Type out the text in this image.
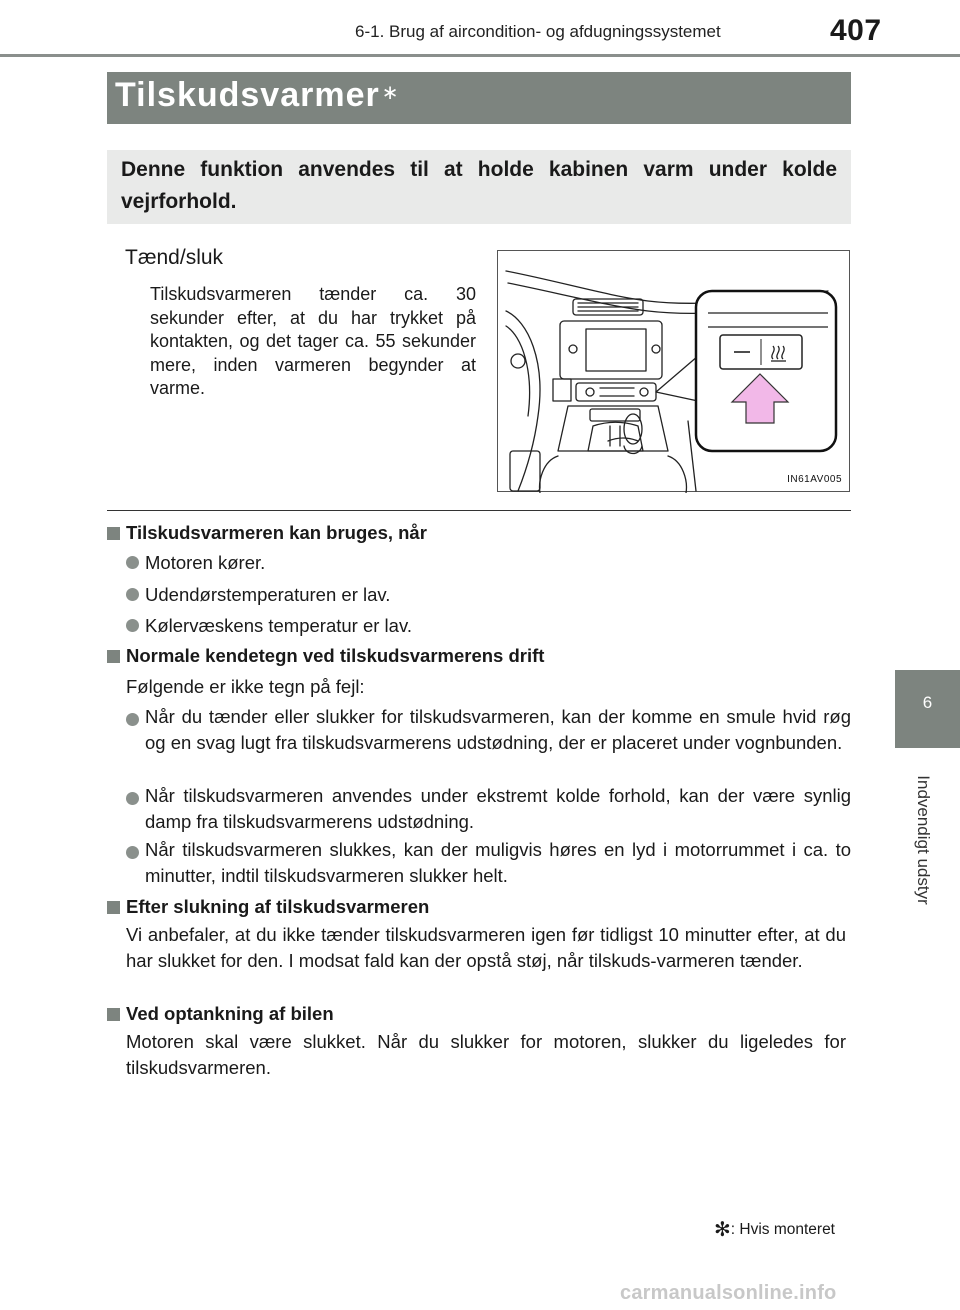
6-1. Brug af aircondition- og afdugningssystemet	407
6
Indvendigt udstyr
Tilskudsvarmer ∗
Denne funktion anvendes til at holde kabinen varm under kolde vejrforhold.
Tænd/sluk
Tilskudsvarmeren tænder ca. 30 sekunder efter, at du har trykket på kontakten, og det tager ca. 55 sekunder mere, inden varmeren begynder at varme.
IN61AV005
Tilskudsvarmeren kan bruges, når
Motoren kører.
Udendørstemperaturen er lav.
Kølervæskens temperatur er lav.
Normale kendetegn ved tilskudsvarmerens drift
Følgende er ikke tegn på fejl:
Når du tænder eller slukker for tilskudsvarmeren, kan der komme en smule hvid røg og en svag lugt fra tilskudsvarmerens udstødning, der er placeret under vognbunden.
Når tilskudsvarmeren anvendes under ekstremt kolde forhold, kan der være synlig damp fra tilskudsvarmerens udstødning.
Når tilskudsvarmeren slukkes, kan der muligvis høres en lyd i motorrummet i ca. to minutter, indtil tilskudsvarmeren slukker helt.
Efter slukning af tilskudsvarmeren
Vi anbefaler, at du ikke tænder tilskudsvarmeren igen før tidligst 10 minutter efter, at du har slukket for den. I modsat fald kan der opstå støj, når tilskuds-varmeren tænder.
Ved optankning af bilen
Motoren skal være slukket. Når du slukker for motoren, slukker du ligeledes for tilskudsvarmeren.
✻: Hvis monteret
carmanualsonline.info
